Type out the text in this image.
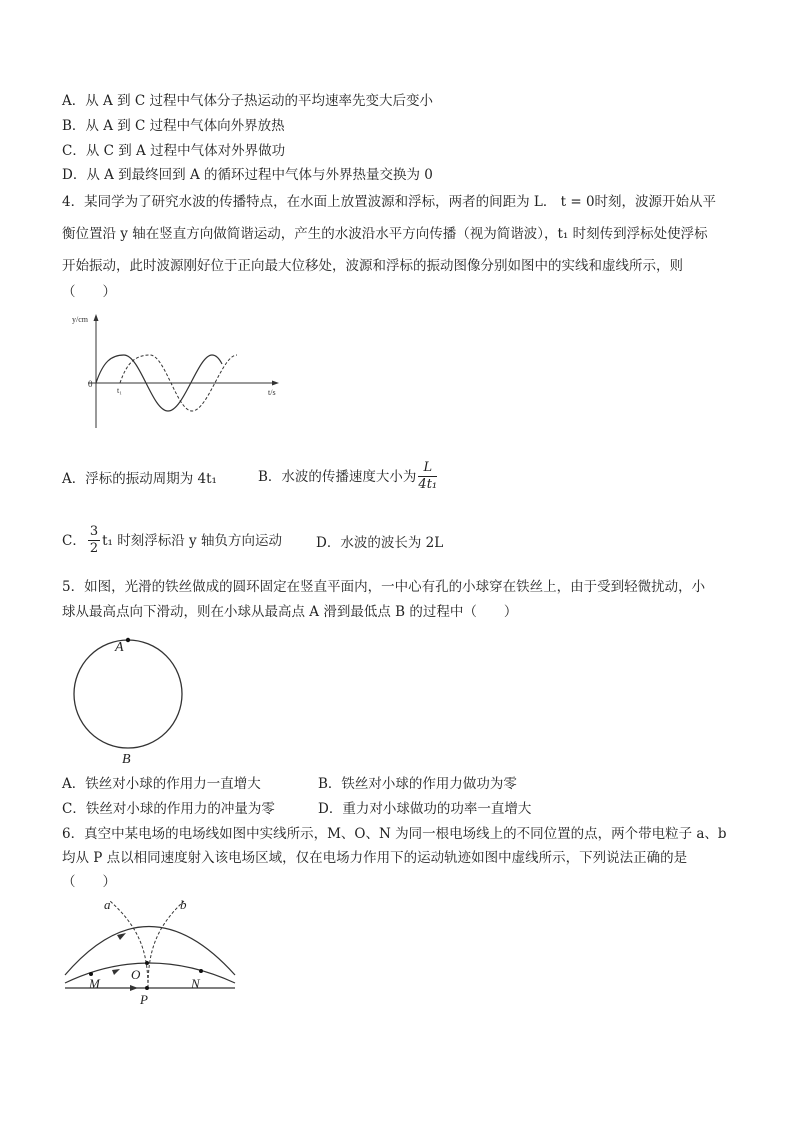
A．从 A 到 C 过程中气体分子热运动的平均速率先变大后变小
B．从 A 到 C 过程中气体向外界放热
C．从 C 到 A 过程中气体对外界做功
D．从 A 到最终回到 A 的循环过程中气体与外界热量交换为 0
4．某同学为了研究水波的传播特点，在水面上放置波源和浮标，两者的间距为 L． t = 0时刻，波源开始从平
衡位置沿 y 轴在竖直方向做简谐运动，产生的水波沿水平方向传播（视为简谐波），t₁ 时刻传到浮标处使浮标
开始振动，此时波源刚好位于正向最大位移处，波源和浮标的振动图像分别如图中的实线和虚线所示，则
（　　）
y/cm
t/s
0
t₁
A．浮标的振动周期为 4t₁	B．水波的传播速度大小为 $\frac{L}{\text{4t₁}}$
C． $\frac{3}{2} t_1$ 时刻浮标沿 y 轴负方向运动	D．水波的波长为 2L
5．如图，光滑的铁丝做成的圆环固定在竖直平面内，一中心有孔的小球穿在铁丝上，由于受到轻微扰动，小
球从最高点向下滑动，则在小球从最高点 A 滑到最低点 B 的过程中（　　）
A
B
A．铁丝对小球的作用力一直增大	B．铁丝对小球的作用力做功为零
C．铁丝对小球的作用力的冲量为零	D．重力对小球做功的功率一直增大
6．真空中某电场的电场线如图中实线所示，M、O、N 为同一根电场线上的不同位置的点，两个带电粒子 a、b
均从 P 点以相同速度射入该电场区域，仅在电场力作用下的运动轨迹如图中虚线所示，下列说法正确的是
（　　）
a	b
M
O
N
P
